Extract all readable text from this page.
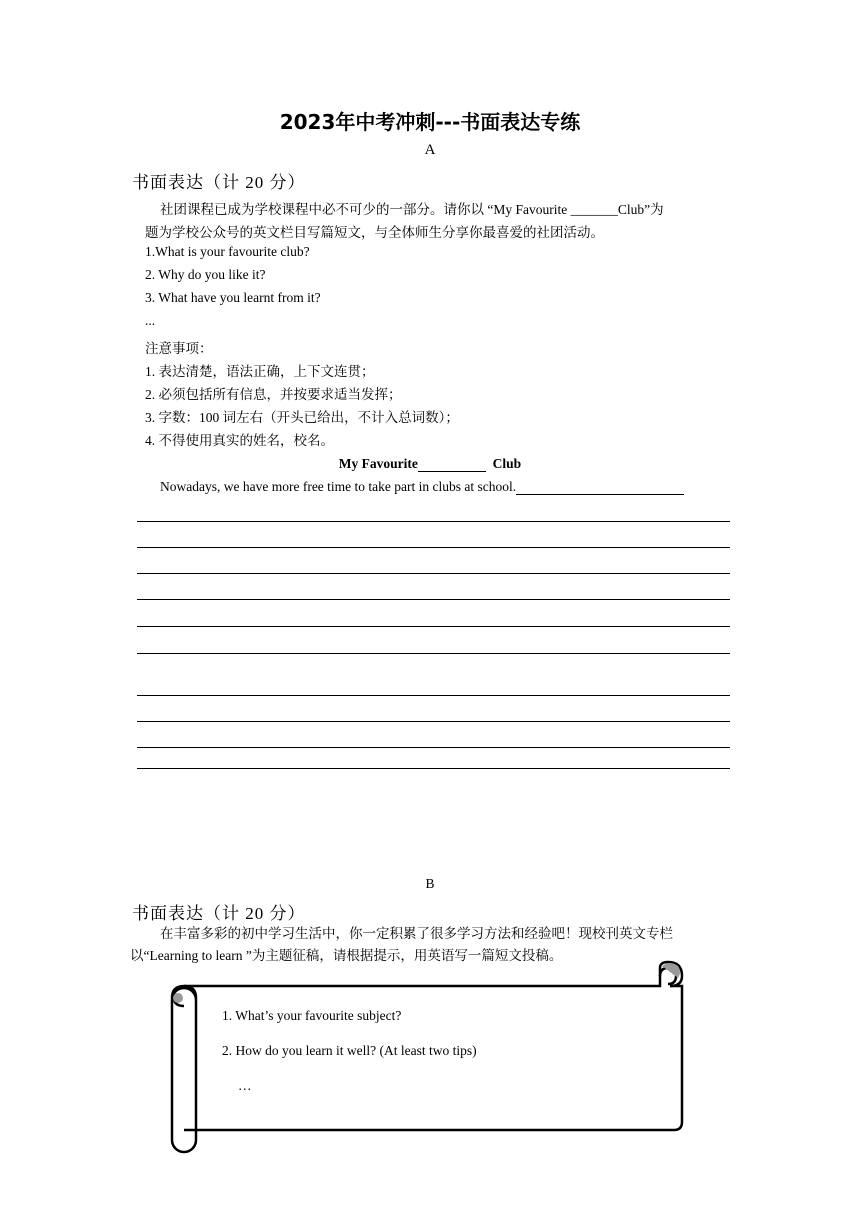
2023年中考冲刺---书面表达专练
A
书面表达（计 20 分）
社团课程已成为学校课程中必不可少的一部分。请你以 “My Favourite _______Club”为
题为学校公众号的英文栏目写篇短文，与全体师生分享你最喜爱的社团活动。
1.What is your favourite club?
2. Why do you like it?
3. What have you learnt from it?
...
注意事项：
1. 表达清楚，语法正确，上下文连贯；
2. 必须包括所有信息，并按要求适当发挥；
3. 字数：100 词左右（开头已给出，不计入总词数）；
4. 不得使用真实的姓名，校名。
My Favourite	Club
Nowadays, we have more free time to take part in clubs at school.
B
书面表达（计 20 分）
在丰富多彩的初中学习生活中，你一定积累了很多学习方法和经验吧！现校刊英文专栏
以“Learning to learn ”为主题征稿，请根据提示，用英语写一篇短文投稿。
1. What’s your favourite subject?
2. How do you learn it well? (At least two tips)
…
